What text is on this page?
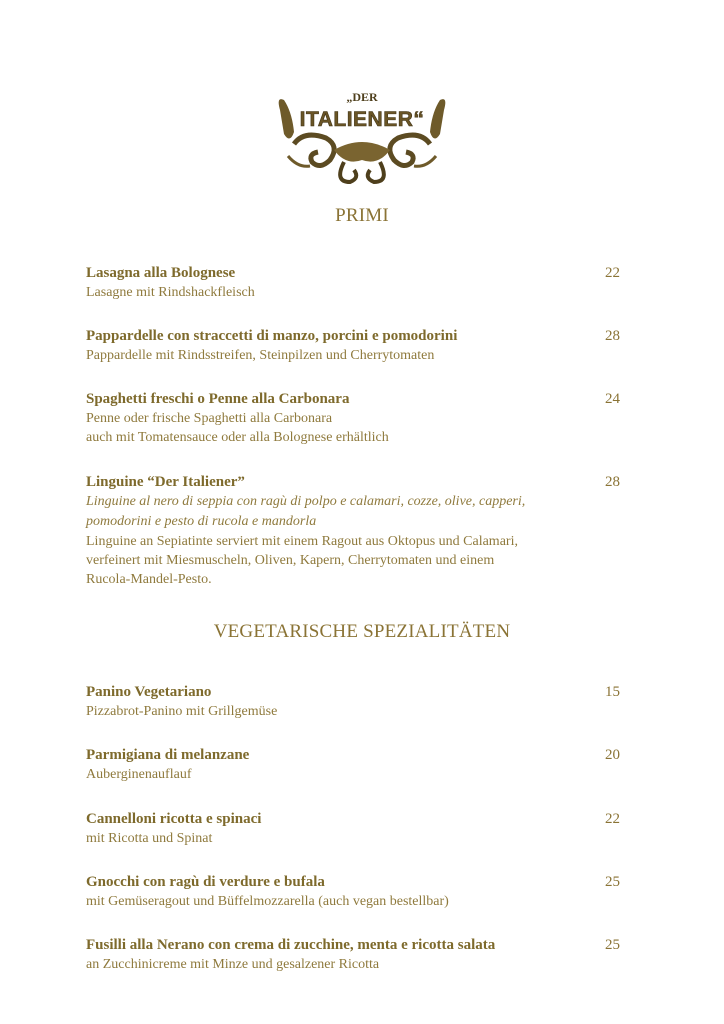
„DER
ITALIENER“
PRIMI
Lasagna alla Bolognese	22
Lasagne mit Rindshackfleisch
Pappardelle con straccetti di manzo, porcini e pomodorini	28
Pappardelle mit Rindsstreifen, Steinpilzen und Cherrytomaten
Spaghetti freschi o Penne alla Carbonara	24
Penne oder frische Spaghetti alla Carbonara
auch mit Tomatensauce oder alla Bolognese erhältlich
Linguine “Der Italiener”	28
Linguine al nero di seppia con ragù di polpo e calamari, cozze, olive, capperi,
pomodorini e pesto di rucola e mandorla
Linguine an Sepiatinte serviert mit einem Ragout aus Oktopus und Calamari,
verfeinert mit Miesmuscheln, Oliven, Kapern, Cherrytomaten und einem
Rucola-Mandel-Pesto.
VEGETARISCHE SPEZIALITÄTEN
Panino Vegetariano	15
Pizzabrot-Panino mit Grillgemüse
Parmigiana di melanzane	20
Auberginenauflauf
Cannelloni ricotta e spinaci	22
mit Ricotta und Spinat
Gnocchi con ragù di verdure e bufala	25
mit Gemüseragout und Büffelmozzarella (auch vegan bestellbar)
Fusilli alla Nerano con crema di zucchine, menta e ricotta salata	25
an Zucchinicreme mit Minze und gesalzener Ricotta
